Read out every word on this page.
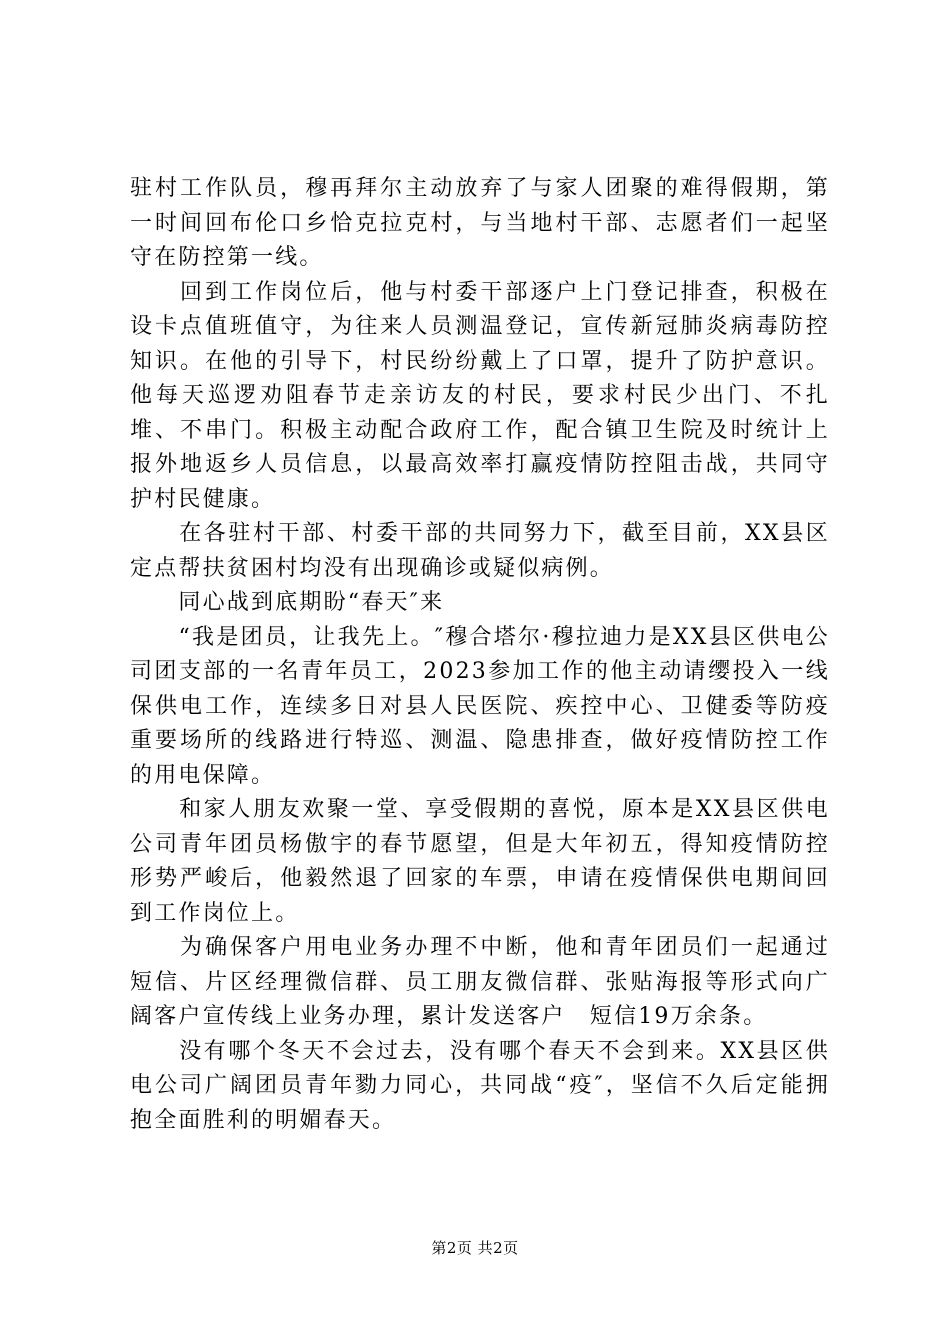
驻村工作队员，穆再拜尔主动放弃了与家人团聚的难得假期，第一时间回布伦口乡恰克拉克村，与当地村干部、志愿者们一起坚守在防控第一线。

　　回到工作岗位后，他与村委干部逐户上门登记排查，积极在设卡点值班值守，为往来人员测温登记，宣传新冠肺炎病毒防控知识。在他的引导下，村民纷纷戴上了口罩，提升了防护意识。他每天巡逻劝阻春节走亲访友的村民，要求村民少出门、不扎堆、不串门。积极主动配合政府工作，配合镇卫生院及时统计上报外地返乡人员信息，以最高效率打赢疫情防控阻击战，共同守护村民健康。

　　在各驻村干部、村委干部的共同努力下，截至目前，XX县区定点帮扶贫困村均没有出现确诊或疑似病例。

　　同心战到底期盼“春天″来

　　“我是团员，让我先上。″穆合塔尔·穆拉迪力是XX县区供电公司团支部的一名青年员工，2023参加工作的他主动请缨投入一线保供电工作，连续多日对县人民医院、疾控中心、卫健委等防疫重要场所的线路进行特巡、测温、隐患排查，做好疫情防控工作的用电保障。

　　和家人朋友欢聚一堂、享受假期的喜悦，原本是XX县区供电公司青年团员杨傲宇的春节愿望，但是大年初五，得知疫情防控形势严峻后，他毅然退了回家的车票，申请在疫情保供电期间回到工作岗位上。

　　为确保客户用电业务办理不中断，他和青年团员们一起通过短信、片区经理微信群、员工朋友微信群、张贴海报等形式向广阔客户宣传线上业务办理，累计发送客户　短信19万余条。

　　没有哪个冬天不会过去，没有哪个春天不会到来。XX县区供电公司广阔团员青年勠力同心，共同战“疫″，坚信不久后定能拥抱全面胜利的明媚春天。

第2页 共2页
